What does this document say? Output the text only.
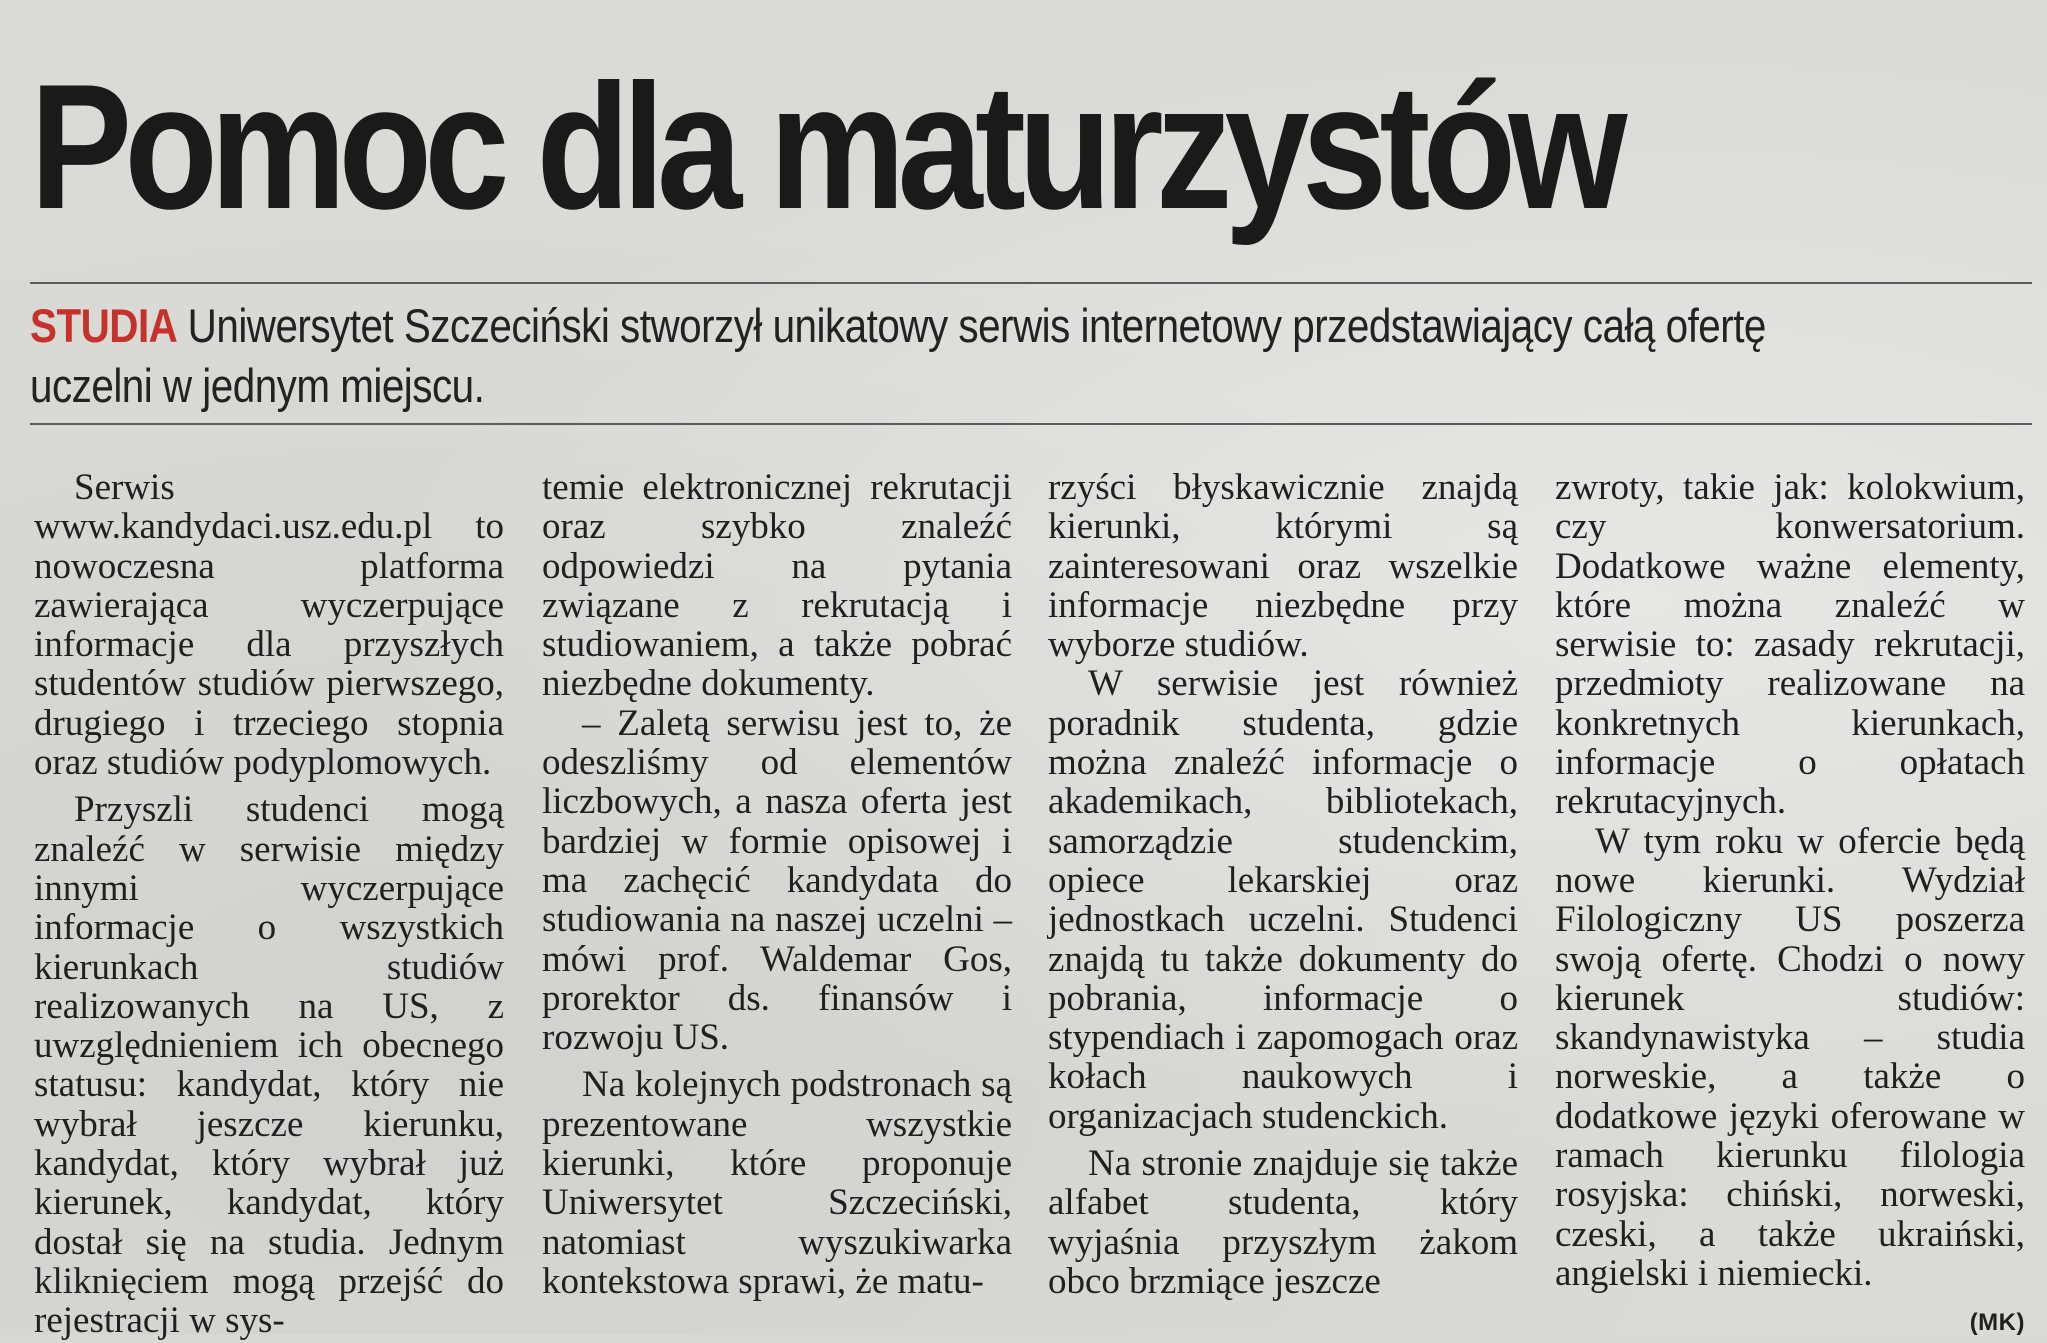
Pomoc dla maturzystów

STUDIA Uniwersytet Szczeciński stworzył unikatowy serwis internetowy przedstawiający całą ofertę uczelni w jednym miejscu.

Serwis www.kandydaci.usz.edu.pl to nowoczesna platforma zawierająca wyczerpujące informacje dla przyszłych studentów studiów pierwszego, drugiego i trzeciego stopnia oraz studiów podyplomowych.

Przyszli studenci mogą znaleźć w serwisie między innymi wyczerpujące informacje o wszystkich kierunkach studiów realizowanych na US, z uwzględnieniem ich obecnego statusu: kandydat, który nie wybrał jeszcze kierunku, kandydat, który wybrał już kierunek, kandydat, który dostał się na studia. Jednym kliknięciem mogą przejść do rejestracji w sys-

temie elektronicznej rekrutacji oraz szybko znaleźć odpowiedzi na pytania związane z rekrutacją i studiowaniem, a także pobrać niezbędne dokumenty.

– Zaletą serwisu jest to, że odeszliśmy od elementów liczbowych, a nasza oferta jest bardziej w formie opisowej i ma zachęcić kandydata do studiowania na naszej uczelni – mówi prof. Waldemar Gos, prorektor ds. finansów i rozwoju US.

Na kolejnych podstronach są prezentowane wszystkie kierunki, które proponuje Uniwersytet Szczeciński, natomiast wyszukiwarka kontekstowa sprawi, że matu-

rzyści błyskawicznie znajdą kierunki, którymi są zainteresowani oraz wszelkie informacje niezbędne przy wyborze studiów.

W serwisie jest również poradnik studenta, gdzie można znaleźć informacje o akademikach, bibliotekach, samorządzie studenckim, opiece lekarskiej oraz jednostkach uczelni. Studenci znajdą tu także dokumenty do pobrania, informacje o stypendiach i zapomogach oraz kołach naukowych i organizacjach studenckich.

Na stronie znajduje się także alfabet studenta, który wyjaśnia przyszłym żakom obco brzmiące jeszcze

zwroty, takie jak: kolokwium, czy konwersatorium. Dodatkowe ważne elementy, które można znaleźć w serwisie to: zasady rekrutacji, przedmioty realizowane na konkretnych kierunkach, informacje o opłatach rekrutacyjnych.

W tym roku w ofercie będą nowe kierunki. Wydział Filologiczny US poszerza swoją ofertę. Chodzi o nowy kierunek studiów: skandynawistyka – studia norweskie, a także o dodatkowe języki oferowane w ramach kierunku filologia rosyjska: chiński, norweski, czeski, a także ukraiński, angielski i niemiecki.

(MK)
